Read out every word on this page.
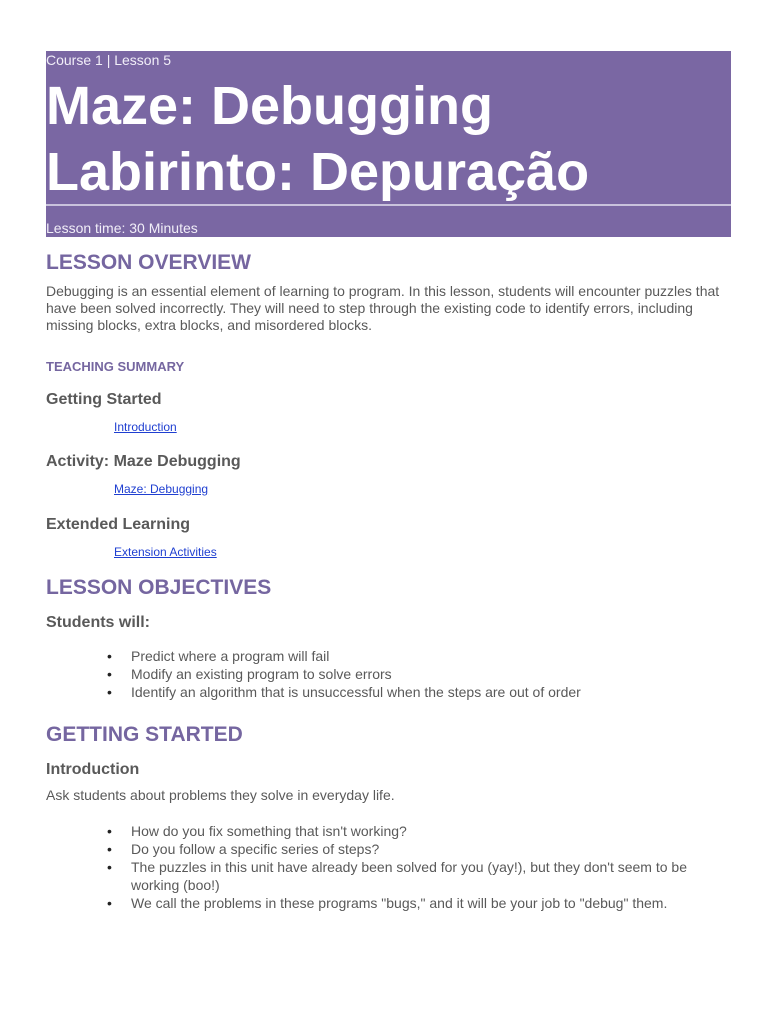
Course 1 | Lesson 5
Maze: Debugging
Labirinto: Depuração
Lesson time: 30 Minutes
LESSON OVERVIEW

Debugging is an essential element of learning to program. In this lesson, students will encounter puzzles that have been solved incorrectly. They will need to step through the existing code to identify errors, including missing blocks, extra blocks, and misordered blocks.

TEACHING SUMMARY
Getting Started
Introduction
Activity: Maze Debugging
Maze: Debugging
Extended Learning
Extension Activities
LESSON OBJECTIVES
Students will:
• Predict where a program will fail
• Modify an existing program to solve errors
• Identify an algorithm that is unsuccessful when the steps are out of order
GETTING STARTED
Introduction

Ask students about problems they solve in everyday life.

• How do you fix something that isn't working?
• Do you follow a specific series of steps?
• The puzzles in this unit have already been solved for you (yay!), but they don't seem to be working (boo!)
• We call the problems in these programs "bugs," and it will be your job to "debug" them.
